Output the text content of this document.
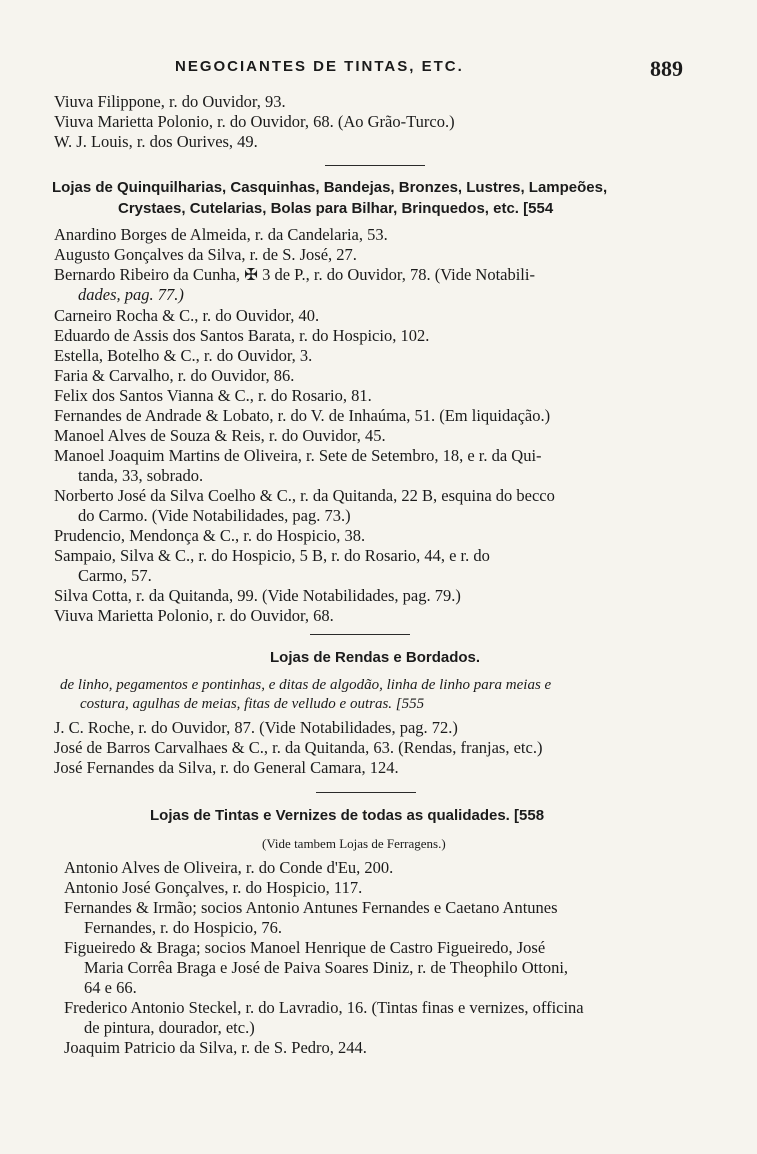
NEGOCIANTES DE TINTAS, ETC.	889
Viuva Filippone, r. do Ouvidor, 93.
Viuva Marietta Polonio, r. do Ouvidor, 68. (Ao Grão-Turco.)
W. J. Louis, r. dos Ourives, 49.
Lojas de Quinquilharias, Casquinhas, Bandejas, Bronzes, Lustres, Lampeões,
Crystaes, Cutelarias, Bolas para Bilhar, Brinquedos, etc. [554
Anardino Borges de Almeida, r. da Candelaria, 53.
Augusto Gonçalves da Silva, r. de S. José, 27.
Bernardo Ribeiro da Cunha, ✠ 3 de P., r. do Ouvidor, 78. (Vide Notabili-
dades, pag. 77.)
Carneiro Rocha & C., r. do Ouvidor, 40.
Eduardo de Assis dos Santos Barata, r. do Hospicio, 102.
Estella, Botelho & C., r. do Ouvidor, 3.
Faria & Carvalho, r. do Ouvidor, 86.
Felix dos Santos Vianna & C., r. do Rosario, 81.
Fernandes de Andrade & Lobato, r. do V. de Inhaúma, 51. (Em liquidação.)
Manoel Alves de Souza & Reis, r. do Ouvidor, 45.
Manoel Joaquim Martins de Oliveira, r. Sete de Setembro, 18, e r. da Qui-
tanda, 33, sobrado.
Norberto José da Silva Coelho & C., r. da Quitanda, 22 B, esquina do becco
do Carmo. (Vide Notabilidades, pag. 73.)
Prudencio, Mendonça & C., r. do Hospicio, 38.
Sampaio, Silva & C., r. do Hospicio, 5 B, r. do Rosario, 44, e r. do
Carmo, 57.
Silva Cotta, r. da Quitanda, 99. (Vide Notabilidades, pag. 79.)
Viuva Marietta Polonio, r. do Ouvidor, 68.
Lojas de Rendas e Bordados.
de linho, pegamentos e pontinhas, e ditas de algodão, linha de linho para meias e
costura, agulhas de meias, fitas de velludo e outras. [555
J. C. Roche, r. do Ouvidor, 87. (Vide Notabilidades, pag. 72.)
José de Barros Carvalhaes & C., r. da Quitanda, 63. (Rendas, franjas, etc.)
José Fernandes da Silva, r. do General Camara, 124.
Lojas de Tintas e Vernizes de todas as qualidades. [558
(Vide tambem Lojas de Ferragens.)
Antonio Alves de Oliveira, r. do Conde d'Eu, 200.
Antonio José Gonçalves, r. do Hospicio, 117.
Fernandes & Irmão; socios Antonio Antunes Fernandes e Caetano Antunes
Fernandes, r. do Hospicio, 76.
Figueiredo & Braga; socios Manoel Henrique de Castro Figueiredo, José
Maria Corrêa Braga e José de Paiva Soares Diniz, r. de Theophilo Ottoni,
64 e 66.
Frederico Antonio Steckel, r. do Lavradio, 16. (Tintas finas e vernizes, officina
de pintura, dourador, etc.)
Joaquim Patricio da Silva, r. de S. Pedro, 244.
